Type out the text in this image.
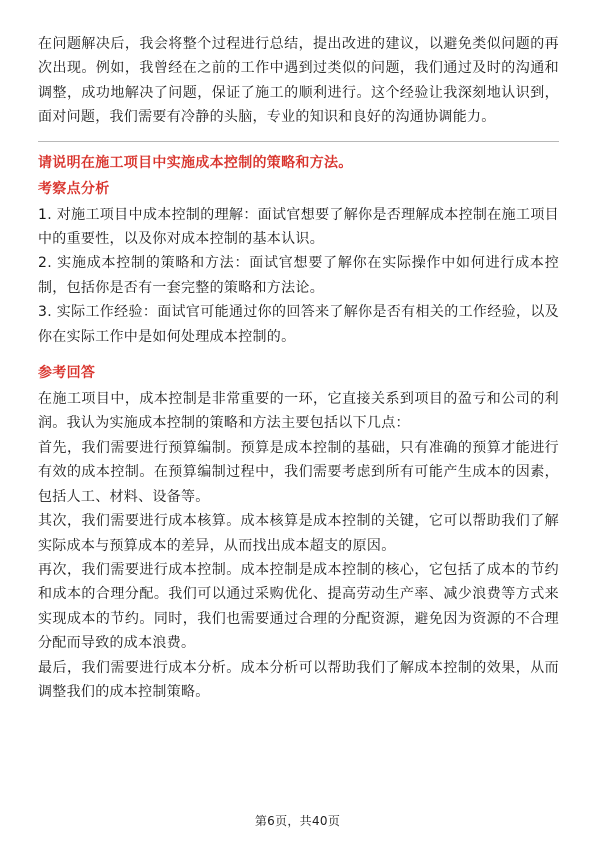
在问题解决后，我会将整个过程进行总结，提出改进的建议，以避免类似问题的再次出现。例如，我曾经在之前的工作中遇到过类似的问题，我们通过及时的沟通和调整，成功地解决了问题，保证了施工的顺利进行。这个经验让我深刻地认识到，面对问题，我们需要有冷静的头脑，专业的知识和良好的沟通协调能力。

请说明在施工项目中实施成本控制的策略和方法。

考察点分析

1. 对施工项目中成本控制的理解：面试官想要了解你是否理解成本控制在施工项目中的重要性，以及你对成本控制的基本认识。

2. 实施成本控制的策略和方法：面试官想要了解你在实际操作中如何进行成本控制，包括你是否有一套完整的策略和方法论。

3. 实际工作经验：面试官可能通过你的回答来了解你是否有相关的工作经验，以及你在实际工作中是如何处理成本控制的。

参考回答

在施工项目中，成本控制是非常重要的一环，它直接关系到项目的盈亏和公司的利润。我认为实施成本控制的策略和方法主要包括以下几点：

首先，我们需要进行预算编制。预算是成本控制的基础，只有准确的预算才能进行有效的成本控制。在预算编制过程中，我们需要考虑到所有可能产生成本的因素，包括人工、材料、设备等。

其次，我们需要进行成本核算。成本核算是成本控制的关键，它可以帮助我们了解实际成本与预算成本的差异，从而找出成本超支的原因。

再次，我们需要进行成本控制。成本控制是成本控制的核心，它包括了成本的节约和成本的合理分配。我们可以通过采购优化、提高劳动生产率、减少浪费等方式来实现成本的节约。同时，我们也需要通过合理的分配资源，避免因为资源的不合理分配而导致的成本浪费。

最后，我们需要进行成本分析。成本分析可以帮助我们了解成本控制的效果，从而调整我们的成本控制策略。

第6页，共40页
